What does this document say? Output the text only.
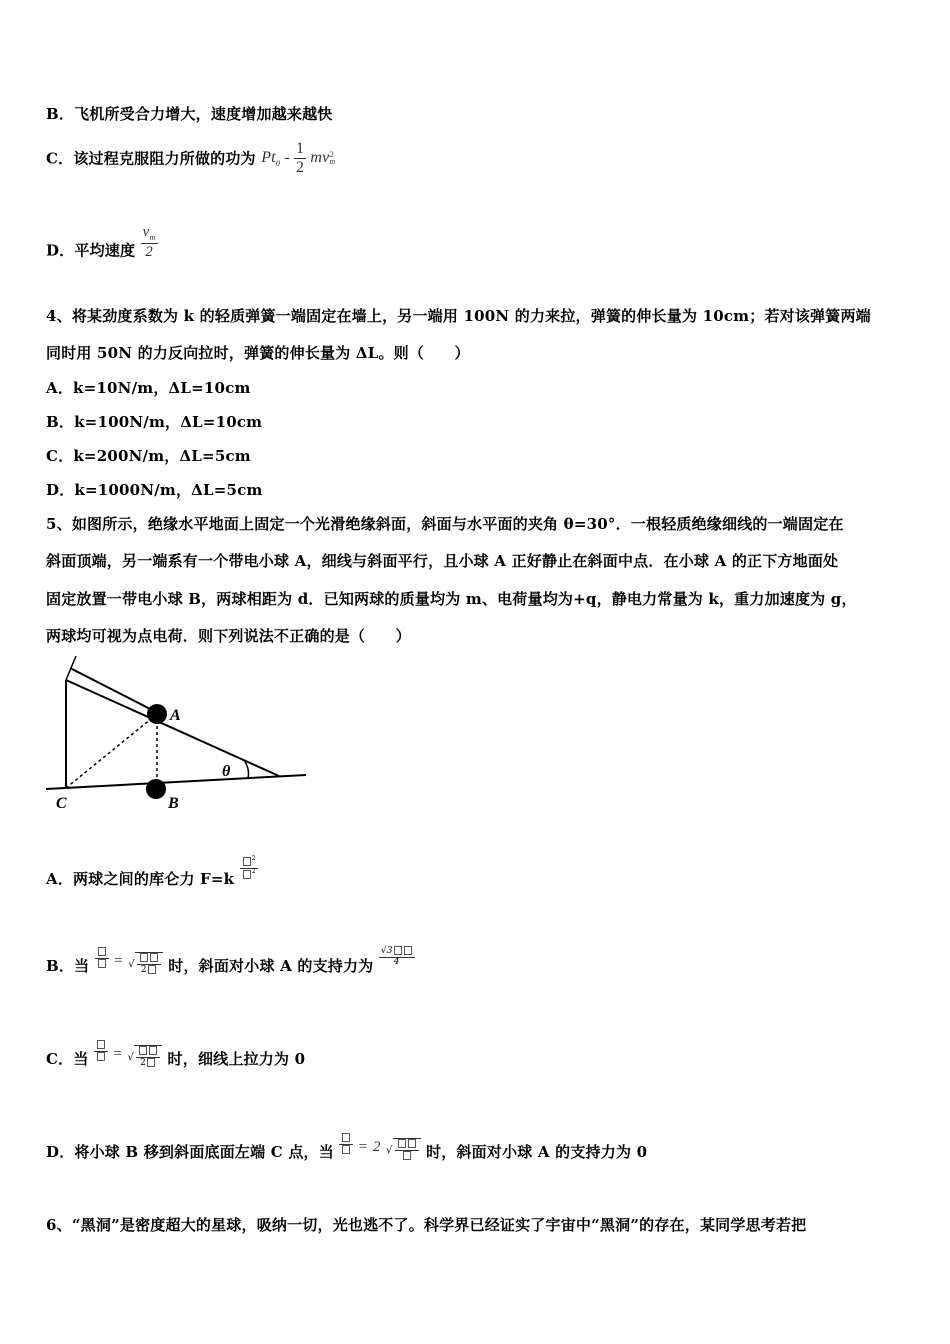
B．飞机所受合力增大，速度增加越来越快
C．该过程克服阻力所做的功为 $Pt_0 - \frac{1}{2}$ mv 2
m
D．平均速度 $\frac{v_m}{2}$
4、将某劲度系数为 k 的轻质弹簧一端固定在墙上，另一端用 100N 的力来拉，弹簧的伸长量为 10cm；若对该弹簧两端
同时用 50N 的力反向拉时，弹簧的伸长量为 ΔL。则（　　）
A．k=10N/m，ΔL=10cm
B．k=100N/m，ΔL=10cm
C．k=200N/m，ΔL=5cm
D．k=1000N/m，ΔL=5cm
5、如图所示，绝缘水平地面上固定一个光滑绝缘斜面，斜面与水平面的夹角 θ=30°．一根轻质绝缘细线的一端固定在
斜面顶端，另一端系有一个带电小球 A，细线与斜面平行，且小球 A 正好静止在斜面中点．在小球 A 的正下方地面处
固定放置一带电小球 B，两球相距为 d．已知两球的质量均为 m、电荷量均为+q，静电力常量为 k，重力加速度为 g，
两球均可视为点电荷．则下列说法不正确的是（　　）
A
B
C
θ
A．两球之间的库仑力 $F=k \frac{^2}{^2}$
B．当 = √ 2	时，斜面对小球 A 的支持力为 $\frac{√3}{4}$
C．当 = √ 2	时，细线上拉力为 0
D．将小球 B 移到斜面底面左端 C 点，当 = 2 √ 时，斜面对小球 A 的支持力为 0
6、“黑洞”是密度超大的星球，吸纳一切，光也逃不了。科学界已经证实了宇宙中“黑洞”的存在，某同学思考若把
